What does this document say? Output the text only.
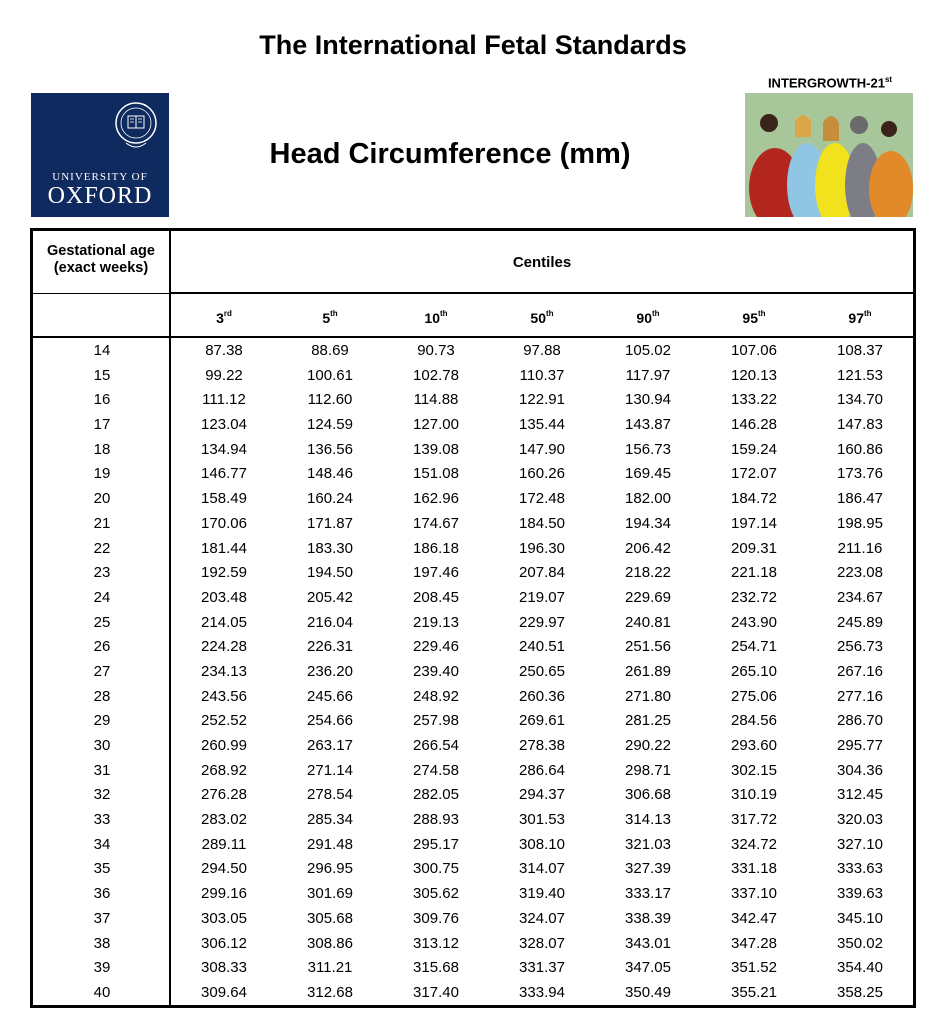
The International Fetal Standards
UNIVERSITY OF
OXFORD
Head Circumference (mm)
INTERGROWTH-21st
Gestational age
(exact weeks)	Centiles
3rd	5th	10th	50th	90th	95th	97th
14	87.38	88.69	90.73	97.88	105.02	107.06	108.37
15	99.22	100.61	102.78	110.37	117.97	120.13	121.53
16	111.12	112.60	114.88	122.91	130.94	133.22	134.70
17	123.04	124.59	127.00	135.44	143.87	146.28	147.83
18	134.94	136.56	139.08	147.90	156.73	159.24	160.86
19	146.77	148.46	151.08	160.26	169.45	172.07	173.76
20	158.49	160.24	162.96	172.48	182.00	184.72	186.47
21	170.06	171.87	174.67	184.50	194.34	197.14	198.95
22	181.44	183.30	186.18	196.30	206.42	209.31	211.16
23	192.59	194.50	197.46	207.84	218.22	221.18	223.08
24	203.48	205.42	208.45	219.07	229.69	232.72	234.67
25	214.05	216.04	219.13	229.97	240.81	243.90	245.89
26	224.28	226.31	229.46	240.51	251.56	254.71	256.73
27	234.13	236.20	239.40	250.65	261.89	265.10	267.16
28	243.56	245.66	248.92	260.36	271.80	275.06	277.16
29	252.52	254.66	257.98	269.61	281.25	284.56	286.70
30	260.99	263.17	266.54	278.38	290.22	293.60	295.77
31	268.92	271.14	274.58	286.64	298.71	302.15	304.36
32	276.28	278.54	282.05	294.37	306.68	310.19	312.45
33	283.02	285.34	288.93	301.53	314.13	317.72	320.03
34	289.11	291.48	295.17	308.10	321.03	324.72	327.10
35	294.50	296.95	300.75	314.07	327.39	331.18	333.63
36	299.16	301.69	305.62	319.40	333.17	337.10	339.63
37	303.05	305.68	309.76	324.07	338.39	342.47	345.10
38	306.12	308.86	313.12	328.07	343.01	347.28	350.02
39	308.33	311.21	315.68	331.37	347.05	351.52	354.40
40	309.64	312.68	317.40	333.94	350.49	355.21	358.25
